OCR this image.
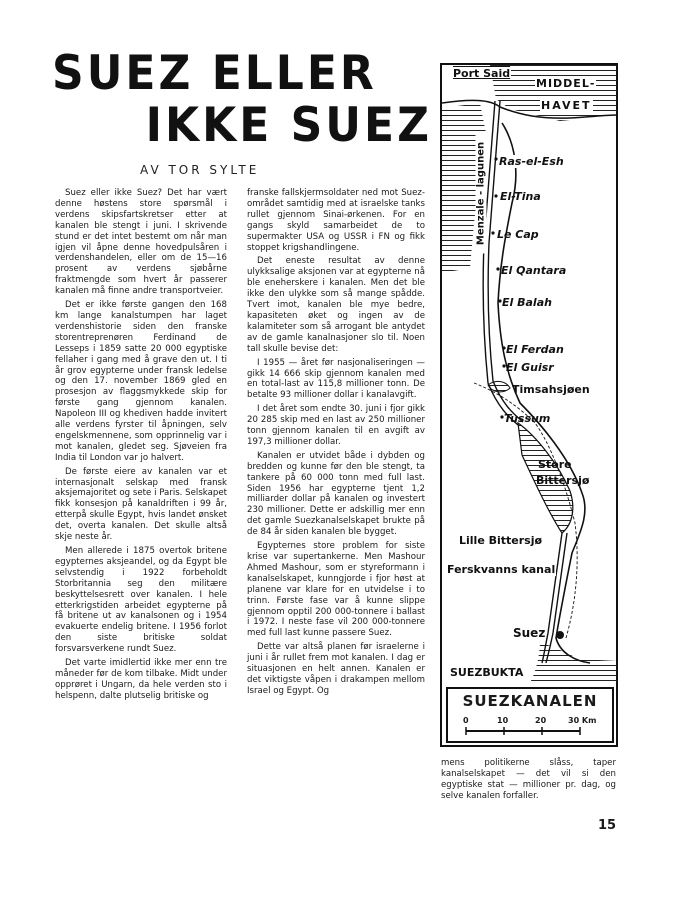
SUEZ ELLER
IKKE SUEZ
AV TOR SYLTE

Suez eller ikke Suez? Det har vært denne høstens store spørsmål i verdens skipsfartskretser etter at kanalen ble stengt i juni. I skrivende stund er det intet bestemt om når man igjen vil åpne denne hovedpulsåren i verdenshandelen, eller om de 15—16 prosent av verdens sjøbårne fraktmengde som hvert år passerer kanalen må finne andre transportveier.

Det er ikke første gangen den 168 km lange kanalstumpen har laget verdenshistorie siden den franske storentreprenøren Ferdinand de Lesseps i 1859 satte 20 000 egyptiske fellaher i gang med å grave den ut. I ti år grov egypterne under fransk ledelse og den 17. november 1869 gled en prosesjon av flaggsmykkede skip for første gang gjennom kanalen. Napoleon III og khediven hadde invitert alle verdens fyrster til åpningen, selv engelskmennene, som opprinnelig var i mot kanalen, gledet seg. Sjøveien fra India til London var jo halvert.

De første eiere av kanalen var et internasjonalt selskap med fransk aksjemajoritet og sete i Paris. Selskapet fikk konsesjon på kanaldriften i 99 år, etterpå skulle Egypt, hvis landet ønsket det, overta kanalen. Det skulle altså skje neste år.

Men allerede i 1875 overtok britene egypternes aksjeandel, og da Egypt ble selvstendig i 1922 forbeholdt Storbritannia seg den militære beskyttelsesrett over kanalen. I hele etterkrigstiden arbeidet egypterne på få britene ut av kanalsonen og i 1954 evakuerte endelig britene. I 1956 forlot den siste britiske soldat forsvarsverkene rundt Suez.

Det varte imidlertid ikke mer enn tre måneder før de kom tilbake. Midt under opprøret i Ungarn, da hele verden sto i helspenn, dalte plutselig britiske og

franske fallskjermsoldater ned mot Suez-området samtidig med at israelske tanks rullet gjennom Sinai-ørkenen. For en gangs skyld samarbeidet de to supermakter USA og USSR i FN og fikk stoppet krigshandlingene.

Det eneste resultat av denne ulykksalige aksjonen var at egypterne nå ble eneherskere i kanalen. Men det ble ikke den ulykke som så mange spådde. Tvert imot, kanalen ble mye bedre, kapasiteten øket og ingen av de kalamiteter som så arrogant ble antydet av de gamle kanalnasjoner slo til. Noen tall skulle bevise det:

I 1955 — året før nasjonaliseringen — gikk 14 666 skip gjennom kanalen med en total-last av 115,8 millioner tonn. De betalte 93 millioner dollar i kanalavgift.

I det året som endte 30. juni i fjor gikk 20 285 skip med en last av 250 millioner tonn gjennom kanalen til en avgift av 197,3 millioner dollar.

Kanalen er utvidet både i dybden og bredden og kunne før den ble stengt, ta tankere på 60 000 tonn med full last. Siden 1956 har egypterne tjent 1,2 milliarder dollar på kanalen og investert 230 millioner. Dette er adskillig mer enn det gamle Suezkanalselskapet brukte på de 84 år siden kanalen ble bygget.

Egypternes store problem for siste krise var supertankerne. Men Mashour Ahmed Mashour, som er styreformann i kanalselskapet, kunngjorde i fjor høst at planene var klare for en utvidelse i to trinn. Første fase var å kunne slippe gjennom opptil 200 000-tonnere i ballast i 1972. I neste fase vil 200 000-tonnere med full last kunne passere Suez.

Dette var altså planen før israelerne i juni i år rullet frem mot kanalen. I dag er situasjonen en helt annen. Kanalen er det viktigste våpen i drakampen mellom Israel og Egypt. Og

mens politikerne slåss, taper kanalselskapet — det vil si den egyptiske stat — millioner pr. dag, og selve kanalen forfaller.

15
Port Said
MIDDEL-
HAVET
Menzale - lagunen Ras-el-Esh
El-Tina
Le Cap
El Qantara
El Balah
El Ferdan
El Guisr
Timsahsjøen
Tussum
Store
Bittersjø
Lille Bittersjø
Ferskvanns kanal
Suez
SUEZBUKTA
SUEZKANALEN
0	10	20	30 Km
